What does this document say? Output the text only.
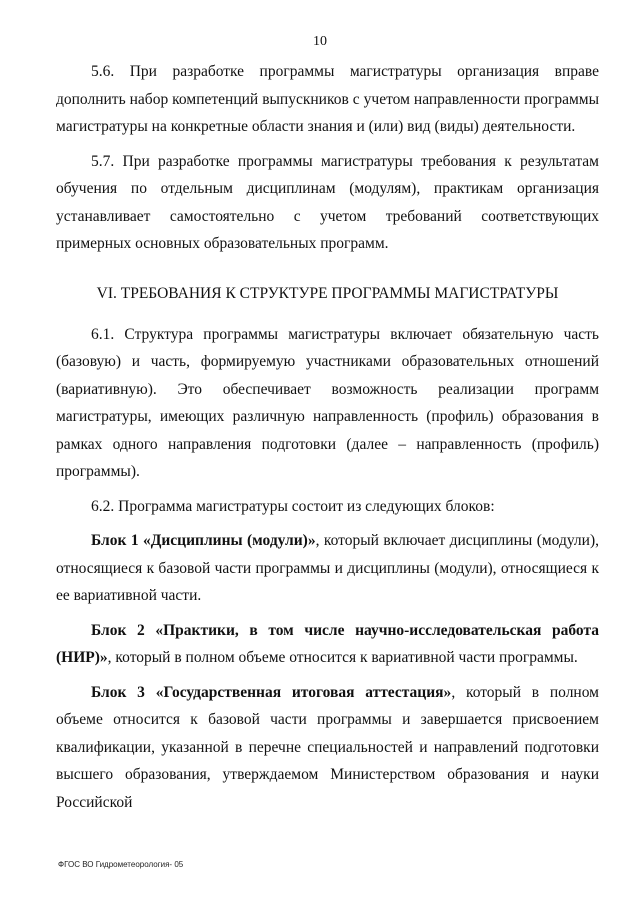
10

5.6. При разработке программы магистратуры организация вправе дополнить набор компетенций выпускников с учетом направленности программы магистратуры на конкретные области знания и (или) вид (виды) деятельности.

5.7. При разработке программы магистратуры требования к результатам обучения по отдельным дисциплинам (модулям), практикам организация устанавливает самостоятельно с учетом требований соответствующих примерных основных образовательных программ.

VI. ТРЕБОВАНИЯ К СТРУКТУРЕ ПРОГРАММЫ МАГИСТРАТУРЫ

6.1. Структура программы магистратуры включает обязательную часть (базовую) и часть, формируемую участниками образовательных отношений (вариативную). Это обеспечивает возможность реализации программ магистратуры, имеющих различную направленность (профиль) образования в рамках одного направления подготовки (далее – направленность (профиль) программы).

6.2. Программа магистратуры состоит из следующих блоков:

Блок 1 «Дисциплины (модули)», который включает дисциплины (модули), относящиеся к базовой части программы и дисциплины (модули), относящиеся к ее вариативной части.

Блок 2 «Практики, в том числе научно-исследовательская работа (НИР)», который в полном объеме относится к вариативной части программы.

Блок 3 «Государственная итоговая аттестация», который в полном объеме относится к базовой части программы и завершается присвоением квалификации, указанной в перечне специальностей и направлений подготовки высшего образования, утверждаемом Министерством образования и науки Российской

ФГОС ВО Гидрометеорология- 05
